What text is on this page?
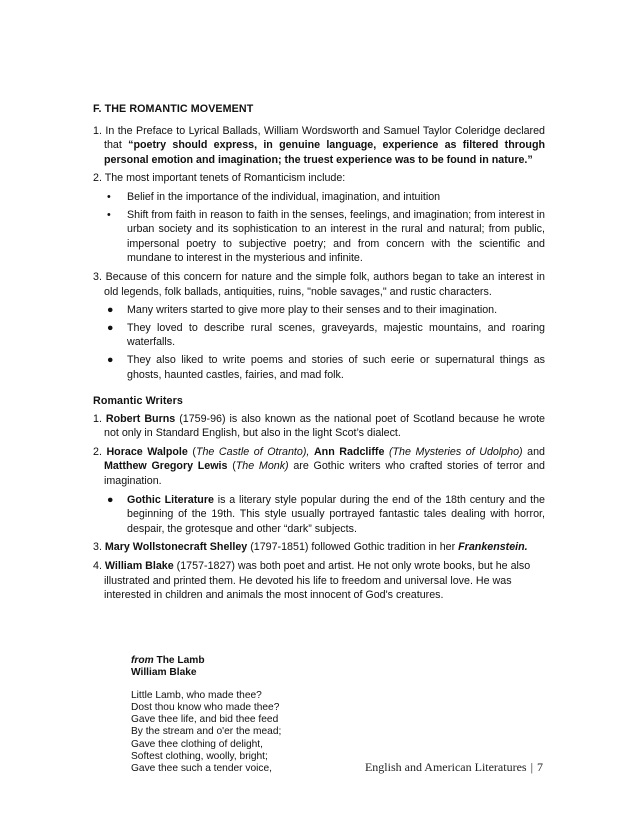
F. THE ROMANTIC MOVEMENT
1. In the Preface to Lyrical Ballads, William Wordsworth and Samuel Taylor Coleridge declared that “poetry should express, in genuine language, experience as filtered through personal emotion and imagination; the truest experience was to be found in nature.”
2. The most important tenets of Romanticism include:
• Belief in the importance of the individual, imagination, and intuition
• Shift from faith in reason to faith in the senses, feelings, and imagination; from interest in urban society and its sophistication to an interest in the rural and natural; from public, impersonal poetry to subjective poetry; and from concern with the scientific and mundane to interest in the mysterious and infinite.
3. Because of this concern for nature and the simple folk, authors began to take an interest in old legends, folk ballads, antiquities, ruins, "noble savages," and rustic characters.
● Many writers started to give more play to their senses and to their imagination.
● They loved to describe rural scenes, graveyards, majestic mountains, and roaring waterfalls.
● They also liked to write poems and stories of such eerie or supernatural things as ghosts, haunted castles, fairies, and mad folk.
Romantic Writers
1. Robert Burns (1759-96) is also known as the national poet of Scotland because he wrote not only in Standard English, but also in the light Scot’s dialect.
2. Horace Walpole (The Castle of Otranto), Ann Radcliffe (The Mysteries of Udolpho) and Matthew Gregory Lewis (The Monk) are Gothic writers who crafted stories of terror and imagination.
● Gothic Literature is a literary style popular during the end of the 18th century and the beginning of the 19th. This style usually portrayed fantastic tales dealing with horror, despair, the grotesque and other “dark” subjects.
3. Mary Wollstonecraft Shelley (1797-1851) followed Gothic tradition in her Frankenstein.
4. William Blake (1757-1827) was both poet and artist. He not only wrote books, but he also illustrated and printed them. He devoted his life to freedom and universal love. He was interested in children and animals the most innocent of God's creatures.
from The Lamb
William Blake
Little Lamb, who made thee?
Dost thou know who made thee?
Gave thee life, and bid thee feed
By the stream and o'er the mead;
Gave thee clothing of delight,
Softest clothing, woolly, bright;
Gave thee such a tender voice,	English and American Literatures | 7
